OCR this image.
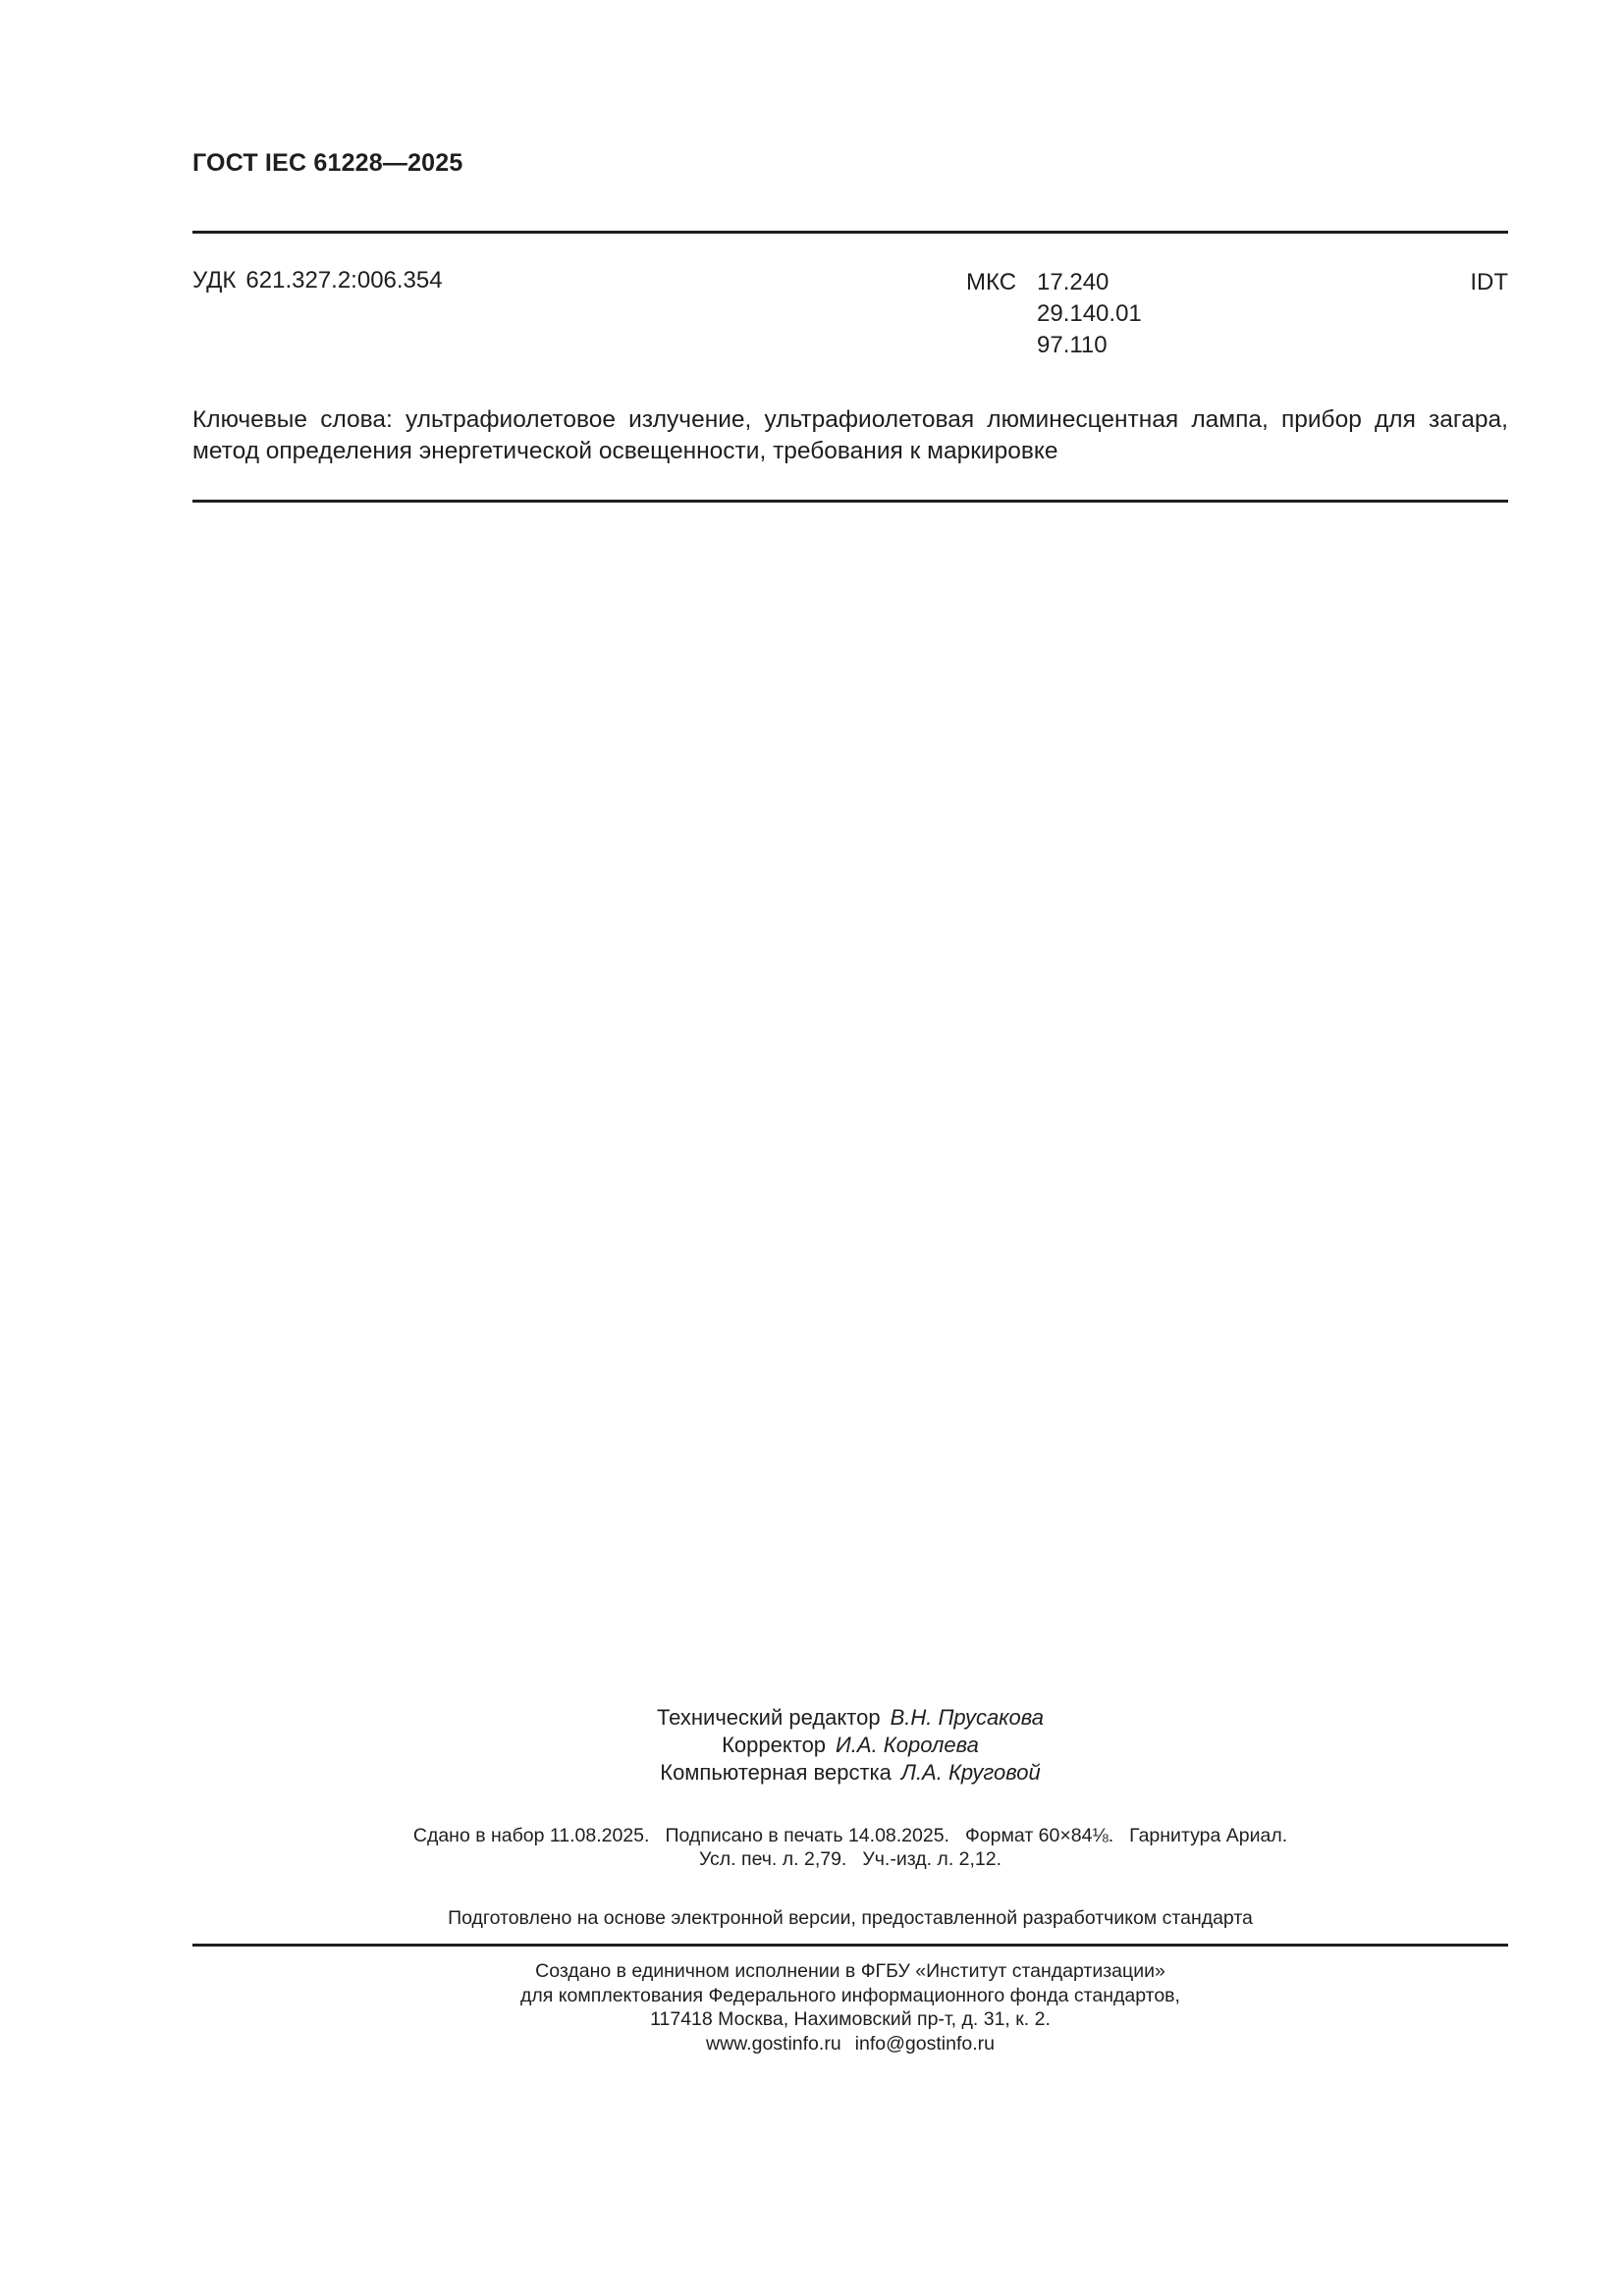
ГОСТ IEC 61228—2025
УДК 621.327.2:006.354	МКС 17.240
29.140.01
97.110
IDT
Ключевые слова: ультрафиолетовое излучение, ультрафиолетовая люминесцентная лампа, прибор для загара, метод определения энергетической освещенности, требования к маркировке
Технический редактор В.Н. Прусакова
Корректор И.А. Королева
Компьютерная верстка Л.А. Круговой
Сдано в набор 11.08.2025. Подписано в печать 14.08.2025. Формат 60×84⅛. Гарнитура Ариал.
Усл. печ. л. 2,79. Уч.-изд. л. 2,12.
Подготовлено на основе электронной версии, предоставленной разработчиком стандарта
Создано в единичном исполнении в ФГБУ «Институт стандартизации»
для комплектования Федерального информационного фонда стандартов,
117418 Москва, Нахимовский пр-т, д. 31, к. 2.
www.gostinfo.ru info@gostinfo.ru
